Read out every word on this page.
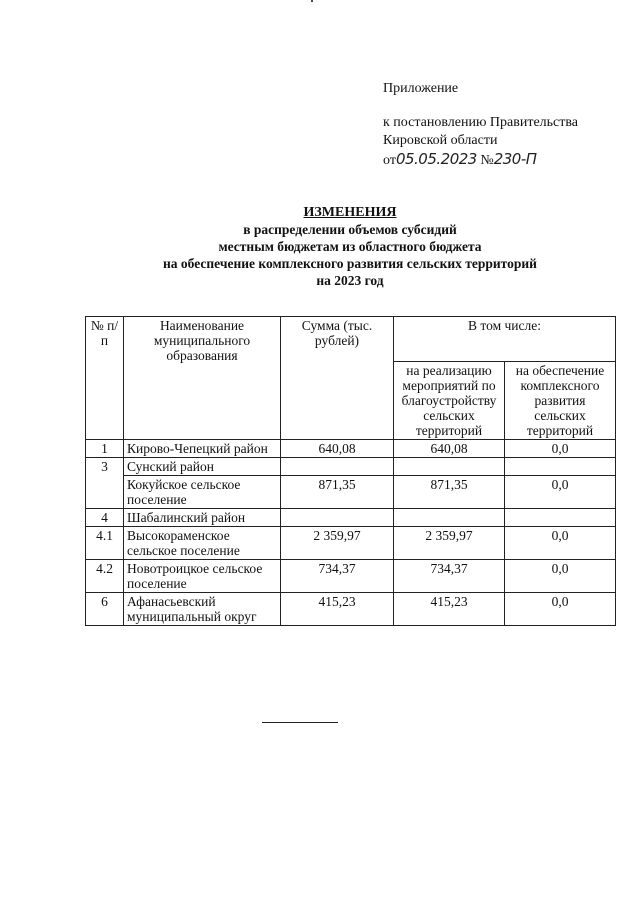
Приложение
к постановлению Правительства
Кировской области
от05.05.2023 №230-П
ИЗМЕНЕНИЯ
в распределении объемов субсидий
местным бюджетам из областного бюджета
на обеспечение комплексного развития сельских территорий
на 2023 год
№ п/п	Наименование муниципального образования	Сумма (тыс. рублей)	В том числе:	
			на реализацию мероприятий по благоустройству сельских территорий	на обеспечение комплексного развития сельских территорий
1	Кирово-Чепецкий район	640,08	640,08	0,0
3	Сунский район			
	Кокуйское сельское поселение	871,35	871,35	0,0
4	Шабалинский район			
4.1	Высокораменское сельское поселение	2 359,97	2 359,97	0,0
4.2	Новотроицкое сельское поселение	734,37	734,37	0,0
6	Афанасьевский муниципальный округ	415,23	415,23	0,0
